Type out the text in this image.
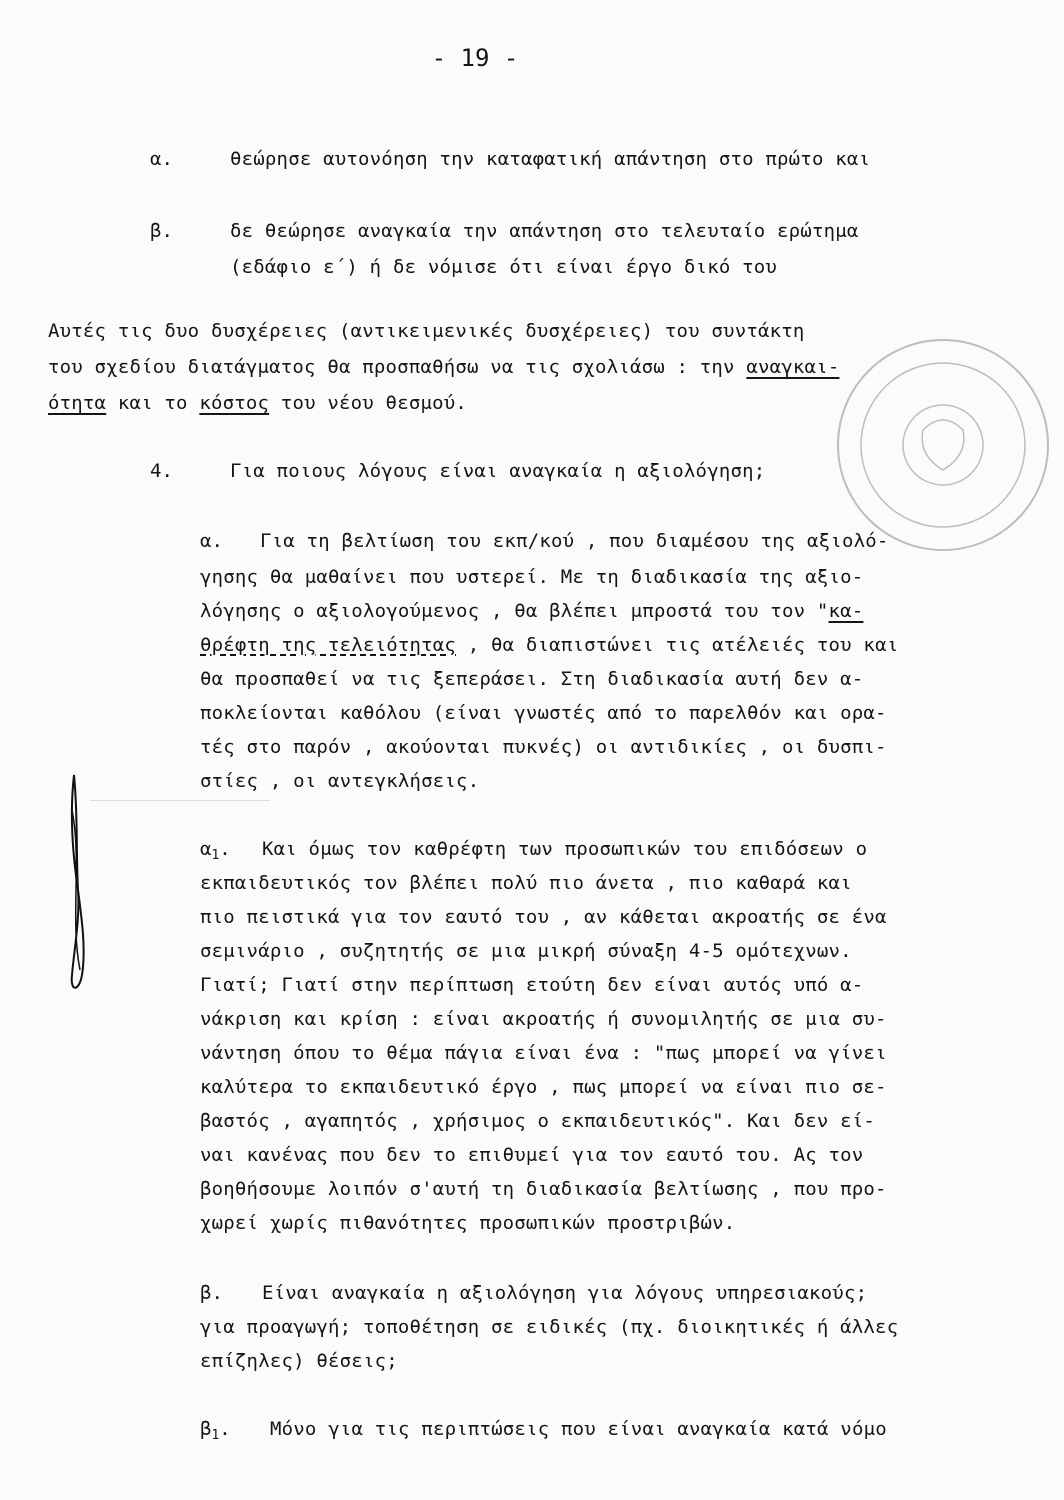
- 19 -
α.	θεώρησε αυτονόηση την καταφατική απάντηση στο πρώτο και
β.	δε θεώρησε αναγκαία την απάντηση στο τελευταίο ερώτημα
(εδάφιο ε΄) ή δε νόμισε ότι είναι έργο δικό του
Αυτές τις δυο δυσχέρειες (αντικειμενικές δυσχέρειες) του συντάκτη
του σχεδίου διατάγματος θα προσπαθήσω να τις σχολιάσω : την αναγκαι-
ότητα και το κόστος του νέου θεσμού.
4.	Για ποιους λόγους είναι αναγκαία η αξιολόγηση;
α. Για τη βελτίωση του εκπ/κού , που διαμέσου της αξιολό-
γησης θα μαθαίνει που υστερεί. Με τη διαδικασία της αξιο-
λόγησης ο αξιολογούμενος , θα βλέπει μπροστά του τον "κα-
θρέφτη της τελειότητας , θα διαπιστώνει τις ατέλειές του και
θα προσπαθεί να τις ξεπεράσει. Στη διαδικασία αυτή δεν α-
ποκλείονται καθόλου (είναι γνωστές από το παρελθόν και ορα-
τές στο παρόν , ακούονται πυκνές) οι αντιδικίες , οι δυσπι-
στίες , οι αντεγκλήσεις.
$\alpha_1$. Και όμως τον καθρέφτη των προσωπικών του επιδόσεων ο
εκπαιδευτικός τον βλέπει πολύ πιο άνετα , πιο καθαρά και
πιο πειστικά για τον εαυτό του , αν κάθεται ακροατής σε ένα
σεμινάριο , συζητητής σε μια μικρή σύναξη 4-5 ομότεχνων.
Γιατί; Γιατί στην περίπτωση ετούτη δεν είναι αυτός υπό α-
νάκριση και κρίση : είναι ακροατής ή συνομιλητής σε μια συ-
νάντηση όπου το θέμα πάγια είναι ένα : "πως μπορεί να γίνει
καλύτερα το εκπαιδευτικό έργο , πως μπορεί να είναι πιο σε-
βαστός , αγαπητός , χρήσιμος ο εκπαιδευτικός". Και δεν εί-
ναι κανένας που δεν το επιθυμεί για τον εαυτό του. Ας τον
βοηθήσουμε λοιπόν σ'αυτή τη διαδικασία βελτίωσης , που προ-
χωρεί χωρίς πιθανότητες προσωπικών προστριβών.
β. Είναι αναγκαία η αξιολόγηση για λόγους υπηρεσιακούς;
για προαγωγή; τοποθέτηση σε ειδικές (πχ. διοικητικές ή άλλες
επίζηλες) θέσεις;
$\beta_1$. Μόνο για τις περιπτώσεις που είναι αναγκαία κατά νόμο
